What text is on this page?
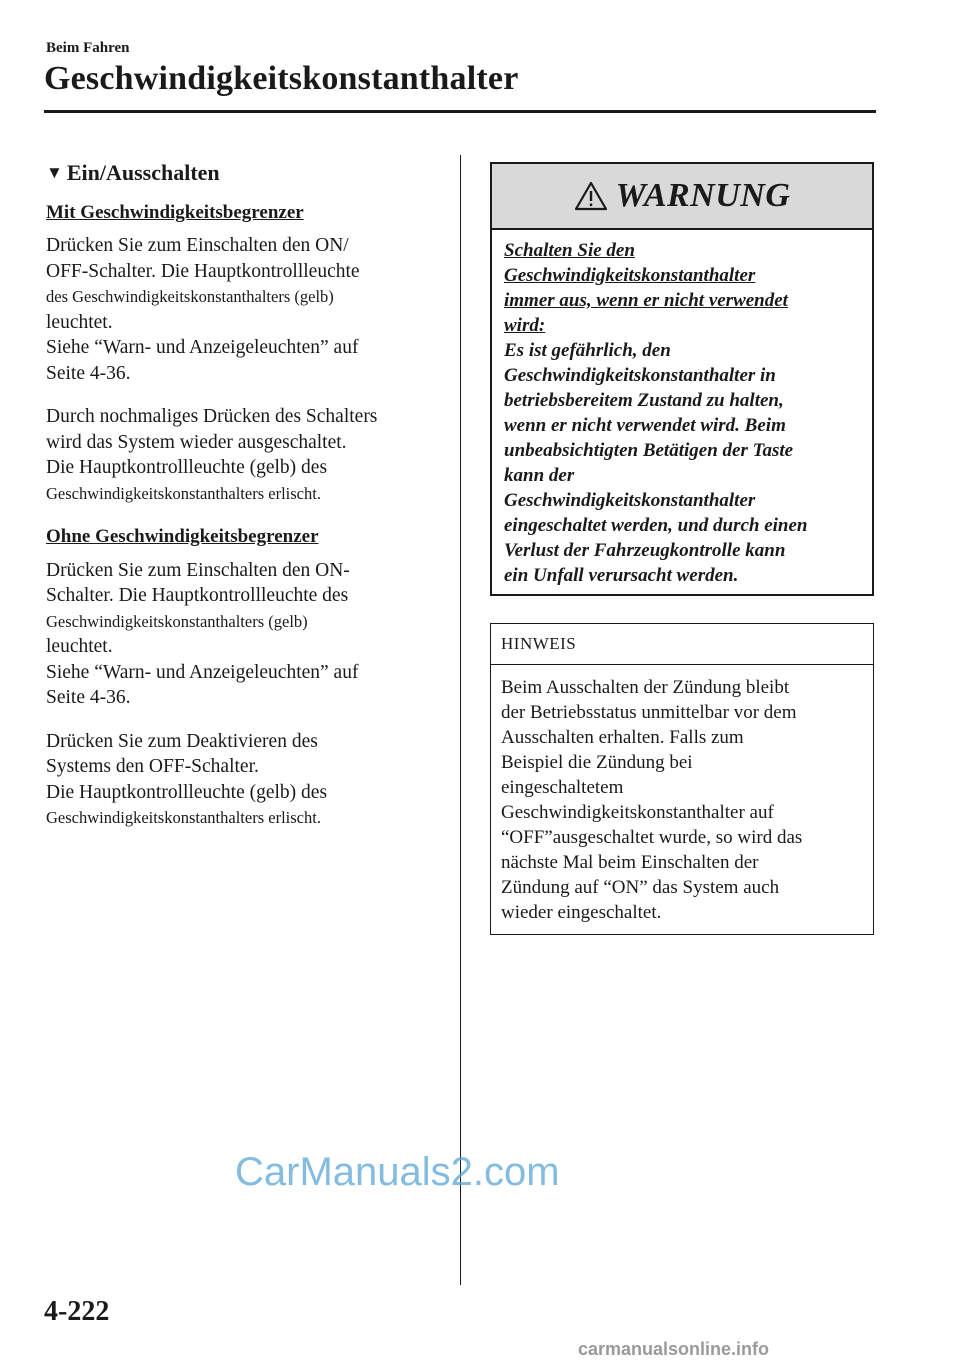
Beim Fahren
Geschwindigkeitskonstanthalter
▼ Ein/Ausschalten
Mit Geschwindigkeitsbegrenzer
Drücken Sie zum Einschalten den ON/
OFF-Schalter. Die Hauptkontrollleuchte
des Geschwindigkeitskonstanthalters (gelb)
leuchtet.
Siehe “Warn- und Anzeigeleuchten” auf
Seite 4-36.
Durch nochmaliges Drücken des Schalters
wird das System wieder ausgeschaltet.
Die Hauptkontrollleuchte (gelb) des
Geschwindigkeitskonstanthalters erlischt.
Ohne Geschwindigkeitsbegrenzer
Drücken Sie zum Einschalten den ON-
Schalter. Die Hauptkontrollleuchte des
Geschwindigkeitskonstanthalters (gelb)
leuchtet.
Siehe “Warn- und Anzeigeleuchten” auf
Seite 4-36.
Drücken Sie zum Deaktivieren des
Systems den OFF-Schalter.
Die Hauptkontrollleuchte (gelb) des
Geschwindigkeitskonstanthalters erlischt.
WARNUNG
Schalten Sie den
Geschwindigkeitskonstanthalter
immer aus, wenn er nicht verwendet
wird:
Es ist gefährlich, den
Geschwindigkeitskonstanthalter in
betriebsbereitem Zustand zu halten,
wenn er nicht verwendet wird. Beim
unbeabsichtigten Betätigen der Taste
kann der
Geschwindigkeitskonstanthalter
eingeschaltet werden, und durch einen
Verlust der Fahrzeugkontrolle kann
ein Unfall verursacht werden.
HINWEIS
Beim Ausschalten der Zündung bleibt
der Betriebsstatus unmittelbar vor dem
Ausschalten erhalten. Falls zum
Beispiel die Zündung bei
eingeschaltetem
Geschwindigkeitskonstanthalter auf
“OFF”ausgeschaltet wurde, so wird das
nächste Mal beim Einschalten der
Zündung auf “ON” das System auch
wieder eingeschaltet.
CarManuals2.com
4-222
carmanualsonline.info
